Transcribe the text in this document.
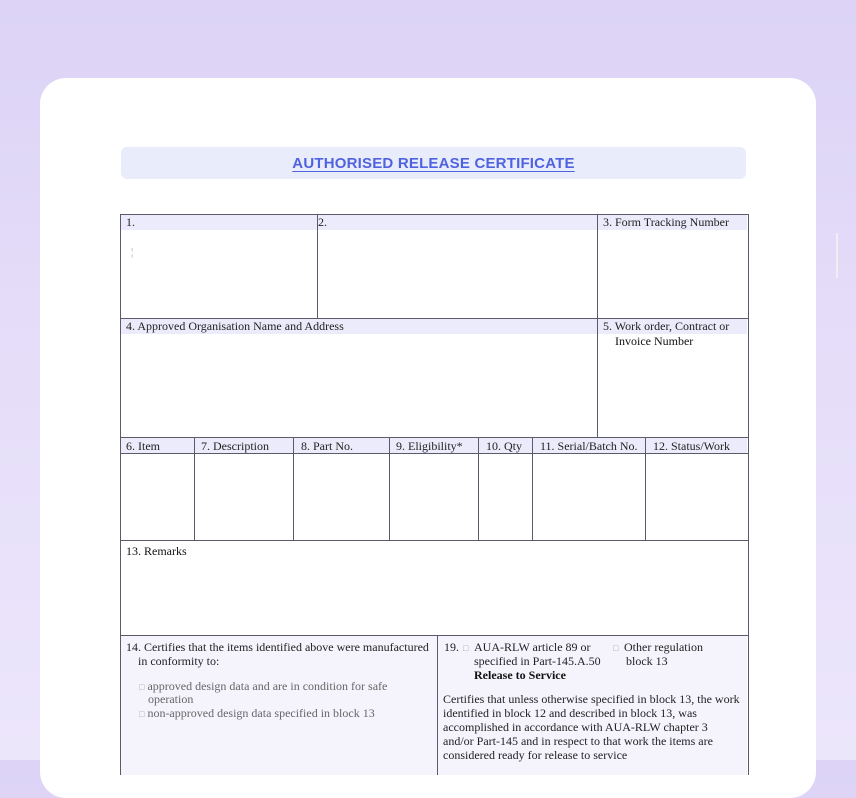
AUTHORISED RELEASE CERTIFICATE
1.
¦
2.	3. Form Tracking Number
4. Approved Organisation Name and Address	5. Work order, Contract or
Invoice Number
6. Item	7. Description	8. Part No.	9. Eligibility* 10. Qty 11. Serial/Batch No. 12. Status/Work
13. Remarks
14. Certifies that the items identified above were manufactured
in conformity to:
□ approved design data and are in condition for safe
operation
□ non-approved design data specified in block 13
19. □ AUA-RLW article 89 or
specified in Part-145.A.50
Release to Service
□ Other regulation
block 13
Certifies that unless otherwise specified in block 13, the work
identified in block 12 and described in block 13, was
accomplished in accordance with AUA-RLW chapter 3
and/or Part-145 and in respect to that work the items are
considered ready for release to service
